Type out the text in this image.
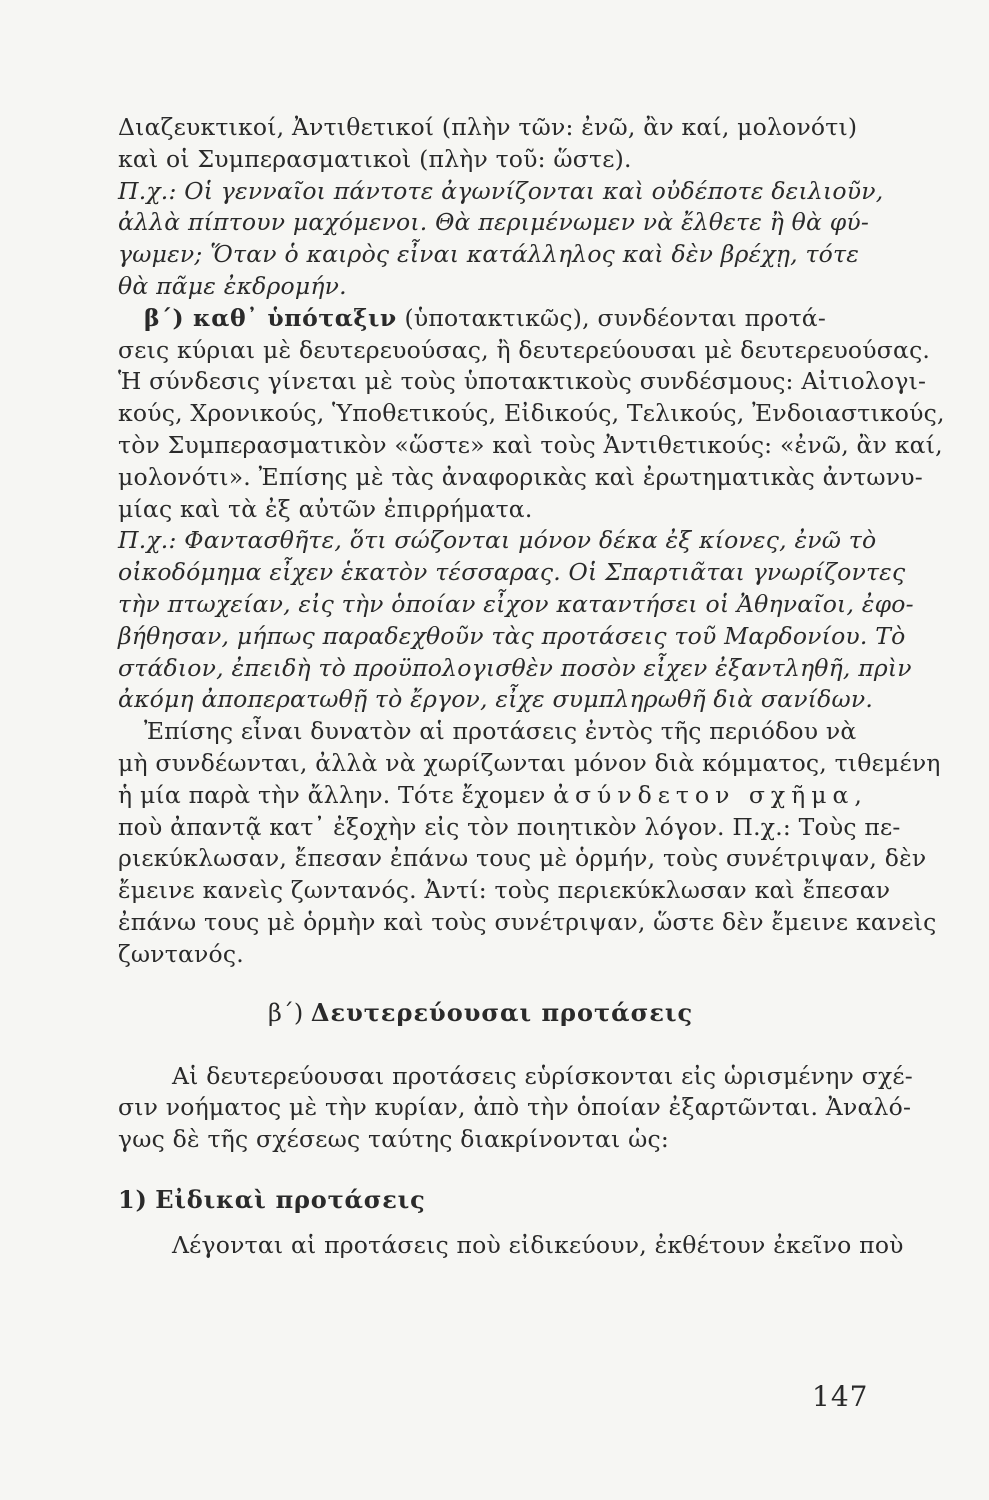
Διαζευκτικοί, Ἀντιθετικοί (πλὴν τῶν: ἐνῶ, ἂν καί, μολονότι)
καὶ οἱ Συμπερασματικοὶ (πλὴν τοῦ: ὥστε).
Π.χ.: Οἱ γενναῖοι πάντοτε ἀγωνίζονται καὶ οὐδέποτε δειλιοῦν,
ἀλλὰ πίπτουν μαχόμενοι. Θὰ περιμένωμεν νὰ ἔλθετε ἢ θὰ φύ-
γωμεν; Ὅταν ὁ καιρὸς εἶναι κατάλληλος καὶ δὲν βρέχῃ, τότε
θὰ πᾶμε ἐκδρομήν.
β΄) καθ᾿ ὑπόταξιν (ὑποτακτικῶς), συνδέονται προτά-
σεις κύριαι μὲ δευτερευούσας, ἢ δευτερεύουσαι μὲ δευτερευούσας.
Ἡ σύνδεσις γίνεται μὲ τοὺς ὑποτακτικοὺς συνδέσμους: Αἰτιολογι-
κούς, Χρονικούς, Ὑποθετικούς, Εἰδικούς, Τελικούς, Ἐνδοιαστικούς,
τὸν Συμπερασματικὸν «ὥστε» καὶ τοὺς Ἀντιθετικούς: «ἐνῶ, ἂν καί,
μολονότι». Ἐπίσης μὲ τὰς ἀναφορικὰς καὶ ἐρωτηματικὰς ἀντωνυ-
μίας καὶ τὰ ἐξ αὐτῶν ἐπιρρήματα.
Π.χ.: Φαντασθῆτε, ὅτι σώζονται μόνον δέκα ἐξ κίονες, ἐνῶ τὸ
οἰκοδόμημα εἶχεν ἑκατὸν τέσσαρας. Οἱ Σπαρτιᾶται γνωρίζοντες
τὴν πτωχείαν, εἰς τὴν ὁποίαν εἶχον καταντήσει οἱ Ἀθηναῖοι, ἐφο-
βήθησαν, μήπως παραδεχθοῦν τὰς προτάσεις τοῦ Μαρδονίου. Τὸ
στάδιον, ἐπειδὴ τὸ προϋπολογισθὲν ποσὸν εἶχεν ἐξαντληθῆ, πρὶν
ἀκόμη ἀποπερατωθῇ τὸ ἔργον, εἶχε συμπληρωθῆ διὰ σανίδων.
Ἐπίσης εἶναι δυνατὸν αἱ προτάσεις ἐντὸς τῆς περιόδου νὰ
μὴ συνδέωνται, ἀλλὰ νὰ χωρίζωνται μόνον διὰ κόμματος, τιθεμένη
ἡ μία παρὰ τὴν ἄλλην. Τότε ἔχομεν ἀσύνδετον σχῆμα,
ποὺ ἀπαντᾷ κατ᾿ ἐξοχὴν εἰς τὸν ποιητικὸν λόγον. Π.χ.: Τοὺς πε-
ριεκύκλωσαν, ἔπεσαν ἐπάνω τους μὲ ὁρμήν, τοὺς συνέτριψαν, δὲν
ἔμεινε κανεὶς ζωντανός. Ἀντί: τοὺς περιεκύκλωσαν καὶ ἔπεσαν
ἐπάνω τους μὲ ὁρμὴν καὶ τοὺς συνέτριψαν, ὥστε δὲν ἔμεινε κανεὶς
ζωντανός.
β΄) Δευτερεύουσαι προτάσεις
Αἱ δευτερεύουσαι προτάσεις εὑρίσκονται εἰς ὡρισμένην σχέ-
σιν νοήματος μὲ τὴν κυρίαν, ἀπὸ τὴν ὁποίαν ἐξαρτῶνται. Ἀναλό-
γως δὲ τῆς σχέσεως ταύτης διακρίνονται ὡς:
1) Εἰδικαὶ προτάσεις
Λέγονται αἱ προτάσεις ποὺ εἰδικεύουν, ἐκθέτουν ἐκεῖνο ποὺ
147
